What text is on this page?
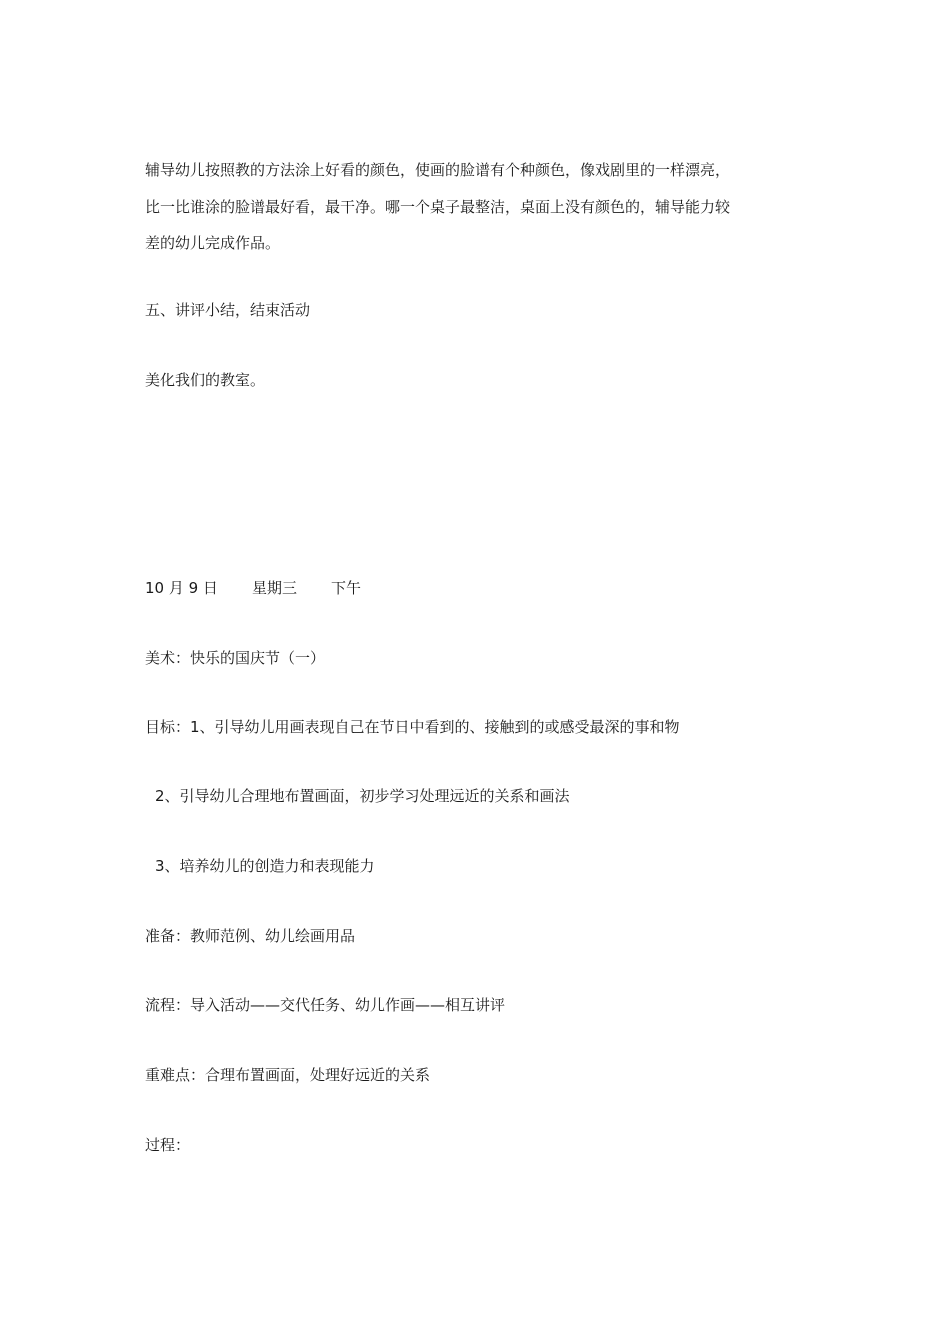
辅导幼儿按照教的方法涂上好看的颜色，使画的脸谱有个种颜色，像戏剧里的一样漂亮，
比一比谁涂的脸谱最好看，最干净。哪一个桌子最整洁，桌面上没有颜色的，辅导能力较
差的幼儿完成作品。
五、讲评小结，结束活动
美化我们的教室。
10 月 9 日 星期三 下午
美术：快乐的国庆节（一）
目标：1、引导幼儿用画表现自己在节日中看到的、接触到的或感受最深的事和物
2、引导幼儿合理地布置画面，初步学习处理远近的关系和画法
3、培养幼儿的创造力和表现能力
准备：教师范例、幼儿绘画用品
流程：导入活动——交代任务、幼儿作画——相互讲评
重难点：合理布置画面，处理好远近的关系
过程：
